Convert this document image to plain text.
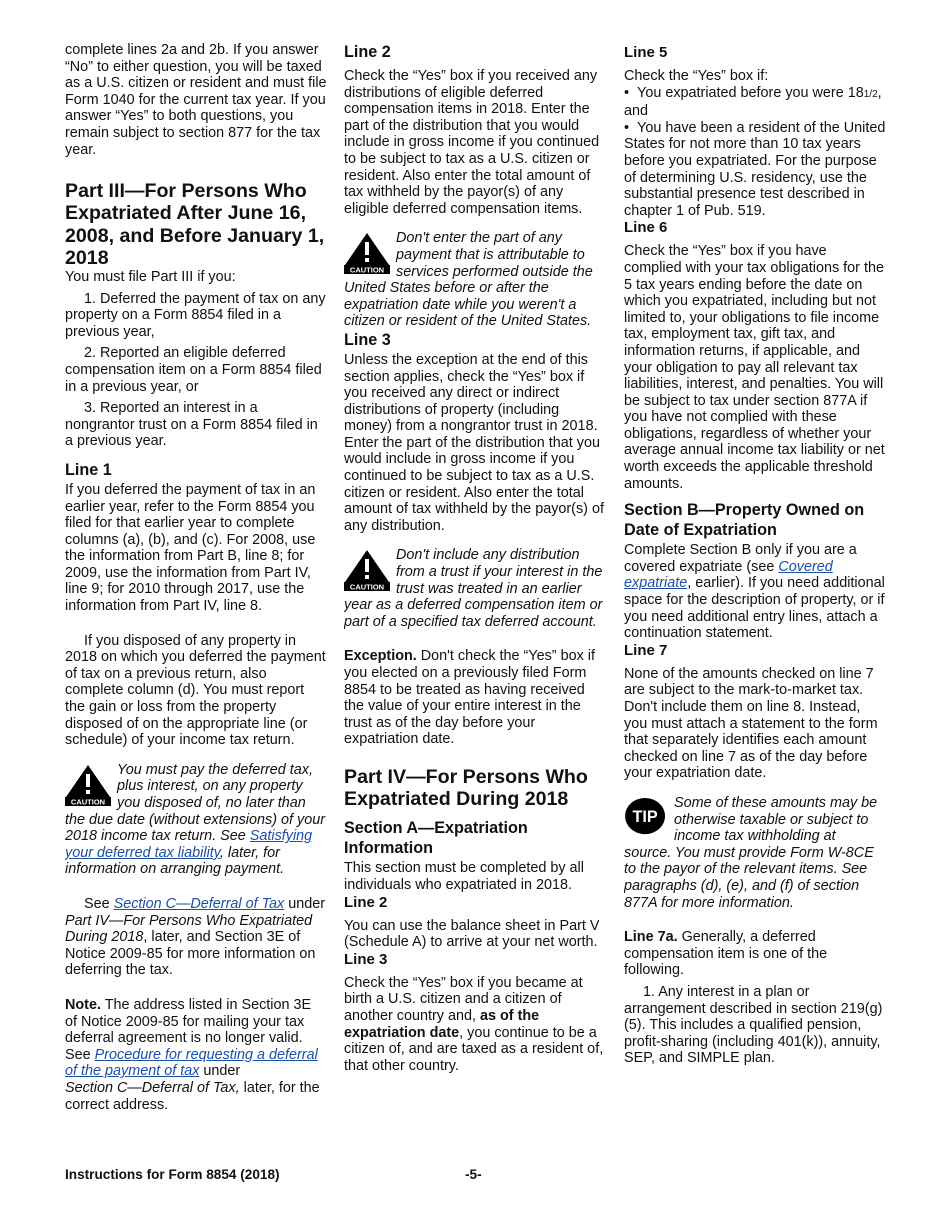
complete lines 2a and 2b. If you answer “No” to either question, you will be taxed as a U.S. citizen or resident and must file Form 1040 for the current tax year. If you answer “Yes” to both questions, you remain subject to section 877 for the tax year.

Part III—For Persons Who Expatriated After June 16, 2008, and Before January 1, 2018

You must file Part III if you:

1. Deferred the payment of tax on any property on a Form 8854 filed in a previous year,

2. Reported an eligible deferred compensation item on a Form 8854 filed in a previous year, or

3. Reported an interest in a nongrantor trust on a Form 8854 filed in a previous year.

Line 1

If you deferred the payment of tax in an earlier year, refer to the Form 8854 you filed for that earlier year to complete columns (a), (b), and (c). For 2008, use the information from Part B, line 8; for 2009, use the information from Part IV, line 9; for 2010 through 2017, use the information from Part IV, line 8.

If you disposed of any property in 2018 on which you deferred the payment of tax on a previous return, also complete column (d). You must report the gain or loss from the property disposed of on the appropriate line (or schedule) of your income tax return.

CAUTION
You must pay the deferred tax, plus interest, on any property you disposed of, no later than the due date (without extensions) of your 2018 income tax return. See Satisfying your deferred tax liability, later, for information on arranging payment.

See Section C—Deferral of Tax under Part IV—For Persons Who Expatriated During 2018, later, and Section 3E of Notice 2009-85 for more information on deferring the tax.

Note. The address listed in Section 3E of Notice 2009-85 for mailing your tax deferral agreement is no longer valid. See Procedure for requesting a deferral of the payment of tax under
Section C—Deferral of Tax, later, for the correct address.

Line 2

Check the “Yes” box if you received any distributions of eligible deferred compensation items in 2018. Enter the part of the distribution that you would include in gross income if you continued to be subject to tax as a U.S. citizen or resident. Also enter the total amount of tax withheld by the payor(s) of any eligible deferred compensation items.

CAUTION
Don't enter the part of any payment that is attributable to services performed outside the United States before or after the expatriation date while you weren't a citizen or resident of the United States.

Line 3

Unless the exception at the end of this section applies, check the “Yes” box if you received any direct or indirect distributions of property (including money) from a nongrantor trust in 2018. Enter the part of the distribution that you would include in gross income if you continued to be subject to tax as a U.S. citizen or resident. Also enter the total amount of tax withheld by the payor(s) of any distribution.

CAUTION
Don't include any distribution from a trust if your interest in the trust was treated in an earlier year as a deferred compensation item or part of a specified tax deferred account.

Exception. Don't check the “Yes” box if you elected on a previously filed Form 8854 to be treated as having received the value of your entire interest in the trust as of the day before your expatriation date.

Part IV—For Persons Who Expatriated During 2018

Section A—Expatriation Information

This section must be completed by all individuals who expatriated in 2018.

Line 2

You can use the balance sheet in Part V (Schedule A) to arrive at your net worth.

Line 3

Check the “Yes” box if you became at birth a U.S. citizen and a citizen of another country and, as of the expatriation date, you continue to be a citizen of, and are taxed as a resident of, that other country.

Line 5

Check the “Yes” box if:

•  You expatriated before you were 181/2, and

•  You have been a resident of the United States for not more than 10 tax years before you expatriated. For the purpose of determining U.S. residency, use the substantial presence test described in chapter 1 of Pub. 519.

Line 6

Check the “Yes” box if you have complied with your tax obligations for the 5 tax years ending before the date on which you expatriated, including but not limited to, your obligations to file income tax, employment tax, gift tax, and information returns, if applicable, and your obligation to pay all relevant tax liabilities, interest, and penalties. You will be subject to tax under section 877A if you have not complied with these obligations, regardless of whether your average annual income tax liability or net worth exceeds the applicable threshold amounts.

Section B—Property Owned on Date of Expatriation

Complete Section B only if you are a covered expatriate (see Covered expatriate, earlier). If you need additional space for the description of property, or if you need additional entry lines, attach a continuation statement.

Line 7

None of the amounts checked on line 7 are subject to the mark-to-market tax. Don't include them on line 8. Instead, you must attach a statement to the form that separately identifies each amount checked on line 7 as of the day before your expatriation date.

TIP
Some of these amounts may be otherwise taxable or subject to income tax withholding at source. You must provide Form W-8CE to the payor of the relevant items. See paragraphs (d), (e), and (f) of section 877A for more information.

Line 7a. Generally, a deferred compensation item is one of the following.

1. Any interest in a plan or arrangement described in section 219(g)(5). This includes a qualified pension, profit-sharing (including 401(k)), annuity, SEP, and SIMPLE plan.

Instructions for Form 8854 (2018)	-5-
